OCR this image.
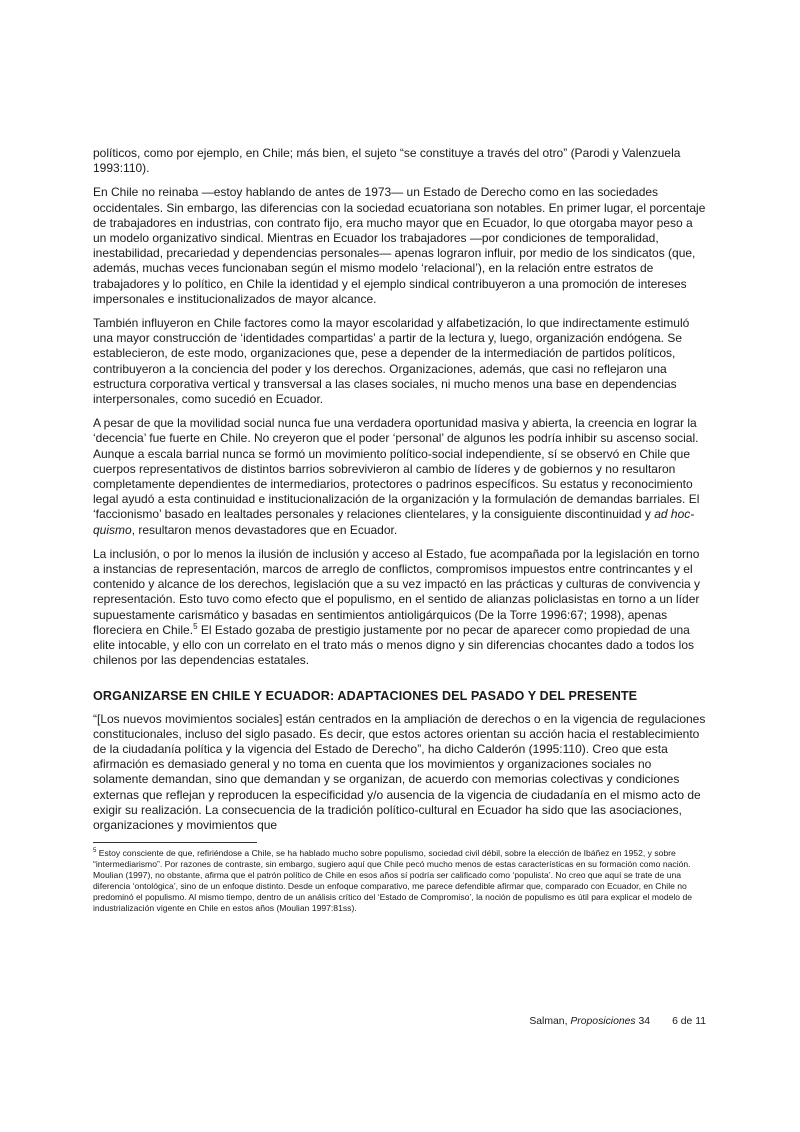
políticos, como por ejemplo, en Chile; más bien, el sujeto “se constituye a través del otro” (Parodi y Valenzuela 1993:110).

En Chile no reinaba —estoy hablando de antes de 1973— un Estado de Derecho como en las sociedades occidentales. Sin embargo, las diferencias con la sociedad ecuatoriana son notables. En primer lugar, el porcentaje de trabajadores en industrias, con contrato fijo, era mucho mayor que en Ecuador, lo que otorgaba mayor peso a un modelo organizativo sindical. Mientras en Ecuador los trabajadores —por condiciones de temporalidad, inestabilidad, precariedad y dependencias personales— apenas lograron influir, por medio de los sindicatos (que, además, muchas veces funcionaban según el mismo modelo ‘relacional’), en la relación entre estratos de trabajadores y lo político, en Chile la identidad y el ejemplo sindical contribuyeron a una promoción de intereses impersonales e institucionalizados de mayor alcance.

También influyeron en Chile factores como la mayor escolaridad y alfabetización, lo que indirectamente estimuló una mayor construcción de ‘identidades compartidas’ a partir de la lectura y, luego, organización endógena. Se establecieron, de este modo, organizaciones que, pese a depender de la intermediación de partidos políticos, contribuyeron a la conciencia del poder y los derechos. Organizaciones, además, que casi no reflejaron una estructura corporativa vertical y transversal a las clases sociales, ni mucho menos una base en dependencias interpersonales, como sucedió en Ecuador.

A pesar de que la movilidad social nunca fue una verdadera oportunidad masiva y abierta, la creencia en lograr la ‘decencia’ fue fuerte en Chile. No creyeron que el poder ‘personal’ de algunos les podría inhibir su ascenso social. Aunque a escala barrial nunca se formó un movimiento político-social independiente, sí se observó en Chile que cuerpos representativos de distintos barrios sobrevivieron al cambio de líderes y de gobiernos y no resultaron completamente dependientes de intermediarios, protectores o padrinos específicos. Su estatus y reconocimiento legal ayudó a esta continuidad e institucionalización de la organización y la formulación de demandas barriales. El ‘faccionismo’ basado en lealtades personales y relaciones clientelares, y la consiguiente discontinuidad y ad hoc-quismo, resultaron menos devastadores que en Ecuador.

La inclusión, o por lo menos la ilusión de inclusión y acceso al Estado, fue acompañada por la legislación en torno a instancias de representación, marcos de arreglo de conflictos, compromisos impuestos entre contrincantes y el contenido y alcance de los derechos, legislación que a su vez impactó en las prácticas y culturas de convivencia y representación. Esto tuvo como efecto que el populismo, en el sentido de alianzas policlasistas en torno a un líder supuestamente carismático y basadas en sentimientos antioligárquicos (De la Torre 1996:67; 1998), apenas floreciera en Chile.$^5$ El Estado gozaba de prestigio justamente por no pecar de aparecer como propiedad de una elite intocable, y ello con un correlato en el trato más o menos digno y sin diferencias chocantes dado a todos los chilenos por las dependencias estatales.

ORGANIZARSE EN CHILE Y ECUADOR: ADAPTACIONES DEL PASADO Y DEL PRESENTE

“[Los nuevos movimientos sociales] están centrados en la ampliación de derechos o en la vigencia de regulaciones constitucionales, incluso del siglo pasado. Es decir, que estos actores orientan su acción hacia el restablecimiento de la ciudadanía política y la vigencia del Estado de Derecho”, ha dicho Calderón (1995:110). Creo que esta afirmación es demasiado general y no toma en cuenta que los movimientos y organizaciones sociales no solamente demandan, sino que demandan y se organizan, de acuerdo con memorias colectivas y condiciones externas que reflejan y reproducen la especificidad y/o ausencia de la vigencia de ciudadanía en el mismo acto de exigir su realización. La consecuencia de la tradición político-cultural en Ecuador ha sido que las asociaciones, organizaciones y movimientos que

$^5$ Estoy consciente de que, refiriéndose a Chile, se ha hablado mucho sobre populismo, sociedad civil débil, sobre la elección de Ibáñez en 1952, y sobre “intermediarismo”. Por razones de contraste, sin embargo, sugiero aquí que Chile pecó mucho menos de estas características en su formación como nación. Moulian (1997), no obstante, afirma que el patrón político de Chile en esos años sí podría ser calificado como ‘populista’. No creo que aquí se trate de una diferencia ‘ontológica’, sino de un enfoque distinto. Desde un enfoque comparativo, me parece defendible afirmar que, comparado con Ecuador, en Chile no predominó el populismo. Al mismo tiempo, dentro de un análisis crítico del ‘Estado de Compromiso’, la noción de populismo es útil para explicar el modelo de industrialización vigente en Chile en estos años (Moulian 1997:81ss).

Salman, Proposiciones 34 6 de 11
